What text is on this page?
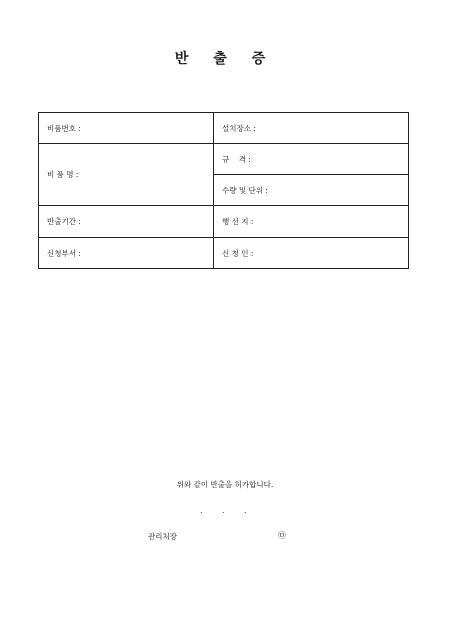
반 출 증
비품번호 :	설치장소 :
비 품 명 :	규    격 :
	수량 및 단위 :
반출기간 :	행 선 지 :
신청부서 :	신 청 인 :
위와 같이 반출을 허가합니다.
.	.	.
관리처장	㉤
